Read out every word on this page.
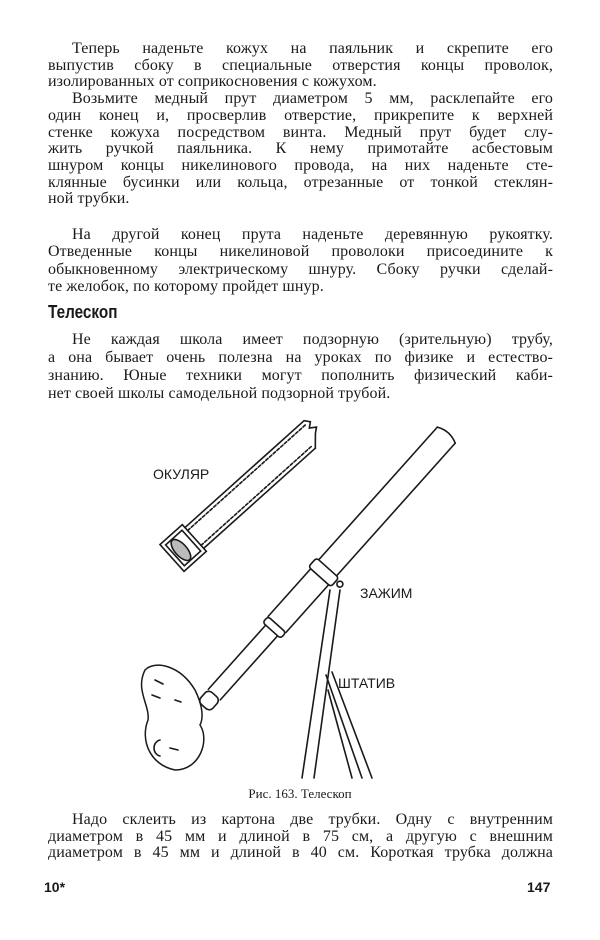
Теперь наденьте кожух на паяльник и скрепите его
выпустив сбоку в специальные отверстия концы проволок,
изолированных от соприкосновения с кожухом.
Возьмите медный прут диаметром 5 мм, расклепайте его
один конец и, просверлив отверстие, прикрепите к верхней
стенке кожуха посредством винта. Медный прут будет слу-
жить ручкой паяльника. К нему примотайте асбестовым
шнуром концы никелинового провода, на них наденьте сте-
клянные бусинки или кольца, отрезанные от тонкой стеклян-
ной трубки.
На другой конец прута наденьте деревянную рукоятку.
Отведенные концы никелиновой проволоки присоедините к
обыкновенному электрическому шнуру. Сбоку ручки сделай-
те желобок, по которому пройдет шнур.
Телескоп
Не каждая школа имеет подзорную (зрительную) трубу,
а она бывает очень полезна на уроках по физике и естество-
знанию. Юные техники могут пополнить физический каби-
нет своей школы самодельной подзорной трубой.
ОКУЛЯР
ЗАЖИМ
ШТАТИВ
Рис. 163. Телескоп
Надо склеить из картона две трубки. Одну с внутренним
диаметром в 45 мм и длиной в 75 см, а другую с внешним
диаметром в 45 мм и длиной в 40 см. Короткая трубка должна
10*	147
